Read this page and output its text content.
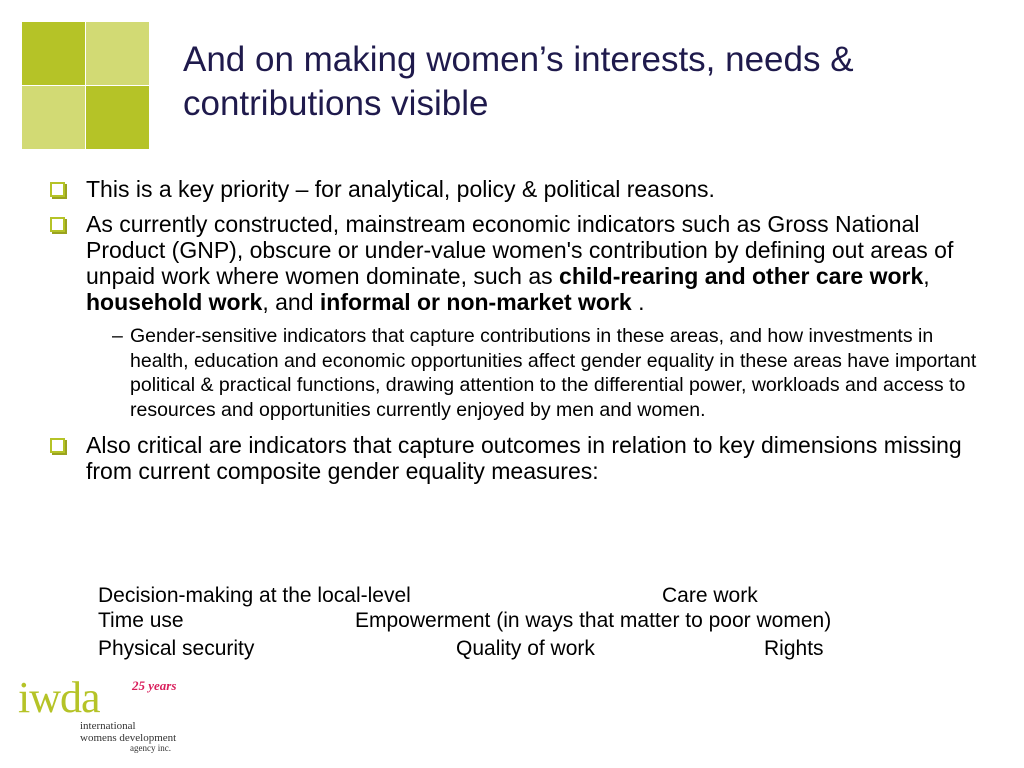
And on making women’s interests, needs & contributions visible

This is a key priority – for analytical, policy & political reasons.

As currently constructed, mainstream economic indicators such as Gross National Product (GNP), obscure or under-value women's contribution by defining out areas of unpaid work where women dominate, such as child-rearing and other care work, household work, and informal or non-market work .

– Gender-sensitive indicators that capture contributions in these areas, and how investments in health, education and economic opportunities affect gender equality in these areas have important political & practical functions, drawing attention to the differential power, workloads and access to resources and opportunities currently enjoyed by men and women.

Also critical are indicators that capture outcomes in relation to key dimensions missing from current composite gender equality measures:

Decision-making at the local-level	Care work
Time use	Empowerment (in ways that matter to poor women)
Physical security	Quality of work	Rights
iwda 25 years
international
womens development
agency inc.
